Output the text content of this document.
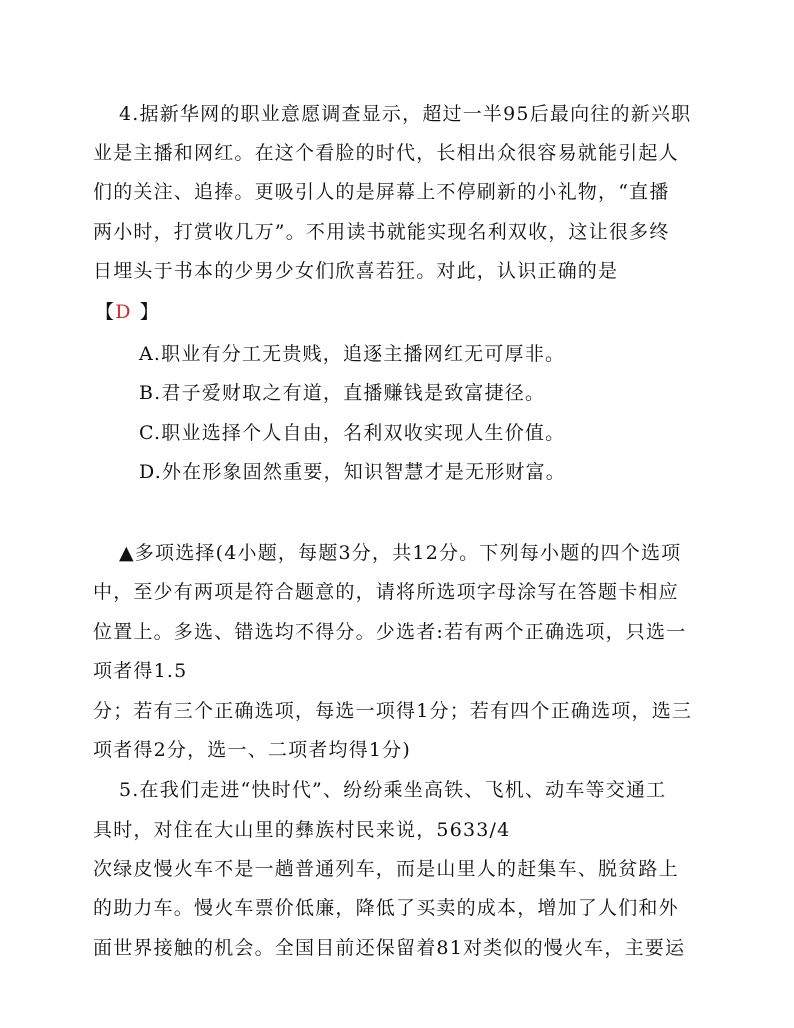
4.据新华网的职业意愿调查显示，超过一半95后最向往的新兴职
业是主播和网红。在这个看脸的时代，长相出众很容易就能引起人
们的关注、追捧。更吸引人的是屏幕上不停刷新的小礼物，“直播
两小时，打赏收几万”。不用读书就能实现名利双收，这让很多终
日埋头于书本的少男少女们欣喜若狂。对此，认识正确的是
【D 】
A.职业有分工无贵贱，追逐主播网红无可厚非。
B.君子爱财取之有道，直播赚钱是致富捷径。
C.职业选择个人自由，名利双收实现人生价值。
D.外在形象固然重要，知识智慧才是无形财富。
▲多项选择(4小题，每题3分，共12分。下列每小题的四个选项
中，至少有两项是符合题意的，请将所选项字母涂写在答题卡相应
位置上。多选、错选均不得分。少选者:若有两个正确选项，只选一
项者得1.5
分；若有三个正确选项，每选一项得1分；若有四个正确选项，选三
项者得2分，选一、二项者均得1分)
5.在我们走进“快时代”、纷纷乘坐高铁、飞机、动车等交通工
具时，对住在大山里的彝族村民来说，5633/4
次绿皮慢火车不是一趟普通列车，而是山里人的赶集车、脱贫路上
的助力车。慢火车票价低廉，降低了买卖的成本，增加了人们和外
面世界接触的机会。全国目前还保留着81对类似的慢火车，主要运
